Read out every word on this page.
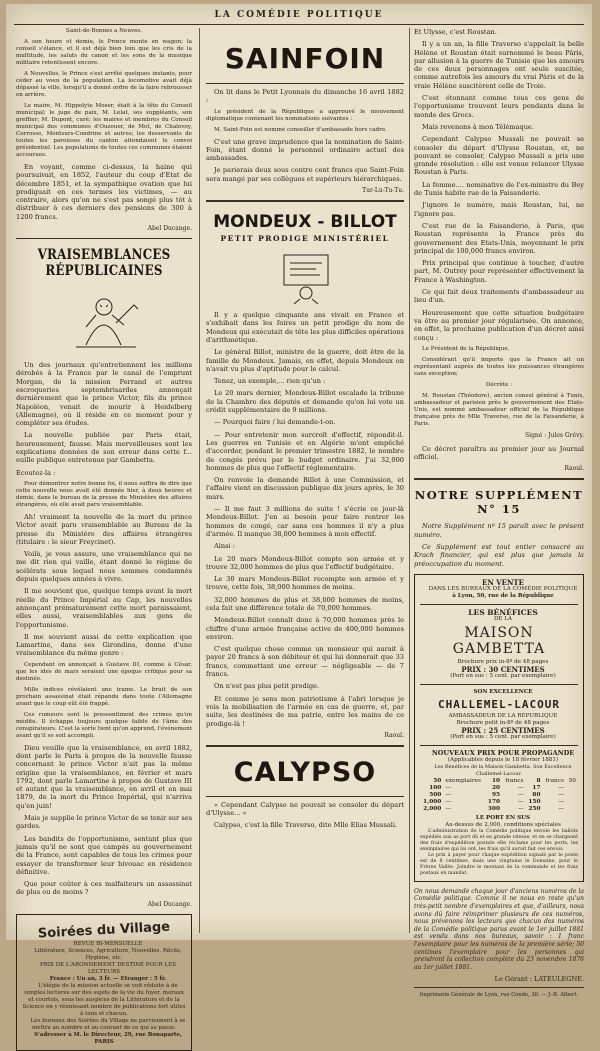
LA COMÉDIE POLITIQUE

Saint-de-Bonnes a Neuves.

A son heure et demie, le Prince monte en wagon; la conseil s'élance, et il est déjà bien loin que les cris de la multitude, les saluts du canon et les sons de la musique militaire retentissent encore.

A Nouvelles, le Prince s'est arrêté quelques instants, pour céder au voeu de la population. La locomotive avait déjà dépassé la ville, lorsqu'il a donné ordre de la faire rebrousser en arrière.

Le maire, M. Hippolyte Moser, était à la tête du Conseil municipal; le juge de paix, M. Lelat, ses suppléants, son greffier; M. Dupont, curé; les maires et membres du Conseil municipal des communes d'Ouzouer, de Mot, de Chalevoy, Corrosse, Montsurs-Condrine et autres; les desservants de toutes les paroisses du canton attendaient le convoi présidentiel. Les populations de toutes ces communes étaient accourues.

En voyant, comme ci-dessus, la haine qui poursuivait, en 1852, l'auteur du coup d'Etat de décembre 1851, et la sympathique ovation que lui prodiguait en ces termes les victimes, — au contraire, alors qu'on ne s'est pas songé plus tôt à distribuer à ces derniers des pensions de 300 à 1200 francs.

Abel Ducange.
VRAISEMBLANCES RÉPUBLICAINES

Un des journaux qu'entretiennent les millions dérobés à la France par le canal de l'emprunt Morgan, de la mission Ferrand et autres escroqueries septembrisardes annonçait dernièrement que le prince Victor, fils du prince Napoléon, venait de mourir à Heidelberg (Allemagne), où il réside en ce moment pour y compléter ses études.

La nouvelle publiée par Paris était, heureusement, fausse. Mais merveilleuses sont les explications données de son erreur dans cette f... euille publique entretenue par Gambetta.

Ecoutez-la :

Pour démontrer notre bonne foi, il nous suffira de dire que cette nouvelle nous avait été donnée hier, à deux heures et demie, dans le bureau de la presse du Ministère des affaires étrangères, où elle avait paru vraisemblable.

Ah! vraiment la nouvelle de la mort du prince Victor avait paru vraisemblable au Bureau de la presse du Ministère des affaires étrangères (titulaire : le sieur Freycinet).

Voilà, je vous assure, une vraisemblance qui ne me dit rien qui vaille, étant donné le régime de scélérats sous lequel nous sommes condamnés depuis quelques années à vivre.

Il me souvient que, quelque temps avant la mort réelle du Prince Impérial au Cap, les nouvelles annonçant prématurément cette mort paraissaient, elles aussi, vraisemblables aux gens de l'opportunisme.

Il me souvient aussi de cette explication que Lamartine, dans ses Girondins, donne d'une vraisemblance du même genre :

Cependant on annonçait à Gustave III, comme à César, que les ides de mars seraient une époque critique pour sa destinée.

Mille indices révélaient une trame. Le bruit de son prochain assassinat était répandu dans toute l'Allemagne avant que le coup eût été frappé.

Ces rumeurs sont le pressentiment des crimes qu'on médite. Il échappe toujours quelque faible de l'âme des conspirateurs. C'est la sorte tient qu'on apprend, l'événement avant qu'il se soit accompli.

Dieu veuille que la vraisemblance, en avril 1882, dont parle le Paris à propos de la nouvelle fausse concernant le prince Victor n'ait pas la même origine que la vraisemblance, en février et mars 1792, dont parle Lamartine à propos de Gustave III et autant que la vraisemblance, en avril et en mai 1879, de la mort du Prince Impérial, qui n'arriva qu'en juin!

Mais je supplie le prince Victor de se tenir sur ses gardes.

Les bandits de l'opportunisme, sentant plus que jamais qu'il ne sont que campés au gouvernement de la France, sont capables de tous les crimes pour essayer de transformer leur bivouac en résidence définitive.

Que pour coûter à ces malfaiteurs un assassinat de plus ou de moins ?

Abel Ducange.
Soirées du Village

REVUE BI-MENSUELLE

Littérature, Sciences, Agriculture, Nouvelles, Récits, Hygiène, etc.

PRIX DE L'ABONNEMENT DESTINÉ POUR LES LECTEURS

France : Un an, 3 fr. — Etranger : 5 fr.

L'élégie de la mission actuelle se voit réduite à de simples lectures sur des sujets de la vie du foyer, moraux et courtois, sous les auspices de la Littérature et de la Science en y réunissant nombre de publications fort utiles à tous et chacun.

Les bureaux des Soirées du Village ne parviennent à se mettre au nombre et au courant de ce qui se passe.

S'adresser à M. le Directeur, 29, rue Bonaparte, PARIS

SAINFOIN

On lit dans le Petit Lyonnais du dimanche 16 avril 1882 :

Le président de la République a approuvé le mouvement diplomatique contenant les nominations suivantes :

M. Saint-Foin est nommé conseiller d'ambassade hors cadre.

C'est une grave imprudence que la nomination de Saint-Foin, étant donné le personnel ordinaire actuel des ambassades.

Je parierais deux sous contre cent francs que Saint-Foin sera mangé par ses collègues et supérieurs hiérarchiques.

Tur-Lu-Tu-Tu.
MONDEUX - BILLOT
PETIT PRODIGE MINISTÉRIEL

Il y a quelque cinquante ans vivait en France et s'exhibait dans les foires un petit prodige du nom de Mondeux qui exécutait de tête les plus difficiles opérations d'arithmétique.

Le général Billot, ministre de la guerre, doit être de la famille de Mondeux. Jamais, en effet, depuis Mondeux on n'avait vu plus d'aptitude pour le calcul.

Tenez, un exemple,... rien qu'un :

Le 20 mars dernier, Mondeux-Billot escalade la tribune de la Chambre des députés et demande qu'on lui vote un crédit supplémentaire de 9 millions.

— Pourquoi faire / lui demande-t-on.

— Pour entretenir mon surcroît d'effectif, répondit-il. Les guerres en Tunisie et en Algérie m'ont empêché d'accorder, pendant le premier trimestre 1882, le nombre de congés prévu par le budget ordinaire. J'ai 32,000 hommes de plus que l'effectif réglementaire.

On renvoie la demande Billot à une Commission, et l'affaire vient en discussion publique dix jours après, le 30 mars.

— Il me faut 3 millions de suite ! s'écrie ce jour-là Mondeux-Billot. J'en ai besoin pour faire rentrer les hommes de congé, car sans ces hommes il n'y a plus d'armée. Il manque 38,000 hommes à mon effectif.

Ainsi :

Le 20 mars Mondeux-Billot compte son armée et y trouve 32,000 hommes de plus que l'effectif budgétaire.

Le 30 mars Mondeux-Billot recompte son armée et y trouve, cette fois, 38,000 hommes de moins.

32,000 hommes de plus et 38,000 hommes de moins, cela fait une différence totale de 70,000 hommes.

Mondeux-Billot connaît donc à 70,000 hommes près le chiffre d'une armée française active de 400,000 hommes environ.

C'est quelque chose comme un monsieur qui aurait à payer 20 francs à son débiteur et qui lui donnerait que 33 francs, commettant une erreur — négligeable — de 7 francs.

On n'est pas plus petit prodige.

Et comme je sens mon patriotisme à l'abri lorsque je vois la mobilisation de l'armée en cas de guerre, et, par suite, les destinées de ma patrie, entre les mains de ce prodige-là !

Raoul.
CALYPSO

« Cependant Calypso ne pouvait se consoler du départ d'Ulysse... »

Calypso, c'est la fille Traverso, dite Mlle Elias Mussali.

Et Ulysse, c'est Roustan.

Il y a un an, la fille Traverso s'appelait la belle Hélène et Roustan était surnommé le beau Pâris, par allusion à la guerre de Tunisie que les amours de ces deux personnages ont seule suscitée, comme autrefois les amours du vrai Pâris et de la vraie Hélène suscitèrent celle de Troie.

C'est étonnant comme tous ces gens de l'opportunisme trouvent leurs pendants dans le monde des Grecs.

Mais revenons à mon Télémaque.

Cependant Calypso Mussali ne pouvait se consoler du départ d'Ulysse Roustan, et, ne pouvant se consoler, Calypso Mussali a pris une grande résolution : elle est venue relancer Ulysse Roustan à Paris.

La femme.... nominative de l'ex-ministre du Bey de Tunis habite rue de la Faisanderie.

J'ignore le numéro, mais Roustan, lui, ne l'ignore pas.

C'est rue de la Faisanderie, à Paris, que Roustan représente la France près du gouvernement des Etats-Unis, moyennant le prix principal de 100,000 francs environ.

Prix principal que continue à toucher, d'autre part, M. Outrey pour représenter effectivement la France à Washington.

Ce qui fait deux traitements d'ambassadeur au lieu d'un.

Heureusement que cette situation budgétaire va être au premier jour régularisée. On annonce, en effet, la prochaine publication d'un décret ainsi conçu :

Le Président de la République,

Considérant qu'il importe que la France ait un représentant auprès de toutes les puissances étrangères sans exception;

Décrète :

M. Roustan (Théodore), ancien consul général à Tunis, ambassadeur et parisien près le gouvernement des Etats-Unis, est nommé ambassadeur officiel de la République française près de Mlle Traverso, rue de la Faisanderie, à Paris.

Signé : Jules Grévy.

Ce décret paraîtra au premier jour au Journal officiel.

Raoul.
NOTRE SUPPLÉMENT N° 15

Notre Supplément nº 15 paraît avec le présent numéro.

Ce Supplément est tout entier consacré au Krach financier, qui est plus que jamais la préoccupation du moment.

EN VENTE

DANS LES BUREAUX DE LA COMÉDIE POLITIQUE

à Lyon, 50, rue de la République

LES BÉNÉFICES

DE LA

MAISON GAMBETTA

Brochure prix in-8º de 48 pages

PRIX : 30 CENTIMES

(Port en sus : 5 cent. par exemplaire)

SON EXCELLENCE

CHALLEMEL-LACOUR

AMBASSADEUR DE LA RÉPUBLIQUE

Brochure petit in-8º de 48 pages

PRIX : 25 CENTIMES

(Port en sus : 5 cent. par exemplaire)

NOUVEAUX PRIX POUR PROPAGANDE

(Applicables depuis le 18 février 1881)

Les Bénéfices de la Maison Gambetta. Son Excellence Challemel-Lacour.

50	exemplaires	10	francs	8	francs	50
100	—	20	—	17	—	
500	—	95	—	80	—	
1,000	—	170	—	150	—	
2,000	—	300	—	250	—	

LE PORT EN SUS

Au-dessus de 2,000, conditions spéciales

L'administration de la Comédie politique envoie les ballots expédiés aux as port dû et en grande vitesse, et en se chargeant des frais d'expédition postale elle réclame pour les ports, les exemplaires qui lui ont, les frais qu'il aurait fait ces envois.

Le prix à payer pour chaque expédition signalé par le poste est de 8 centimes, mais une vingtaine le Domaine, pour le Frères Vallée. Joindre le montant de la commande et les frais postaux en mandat.

On nous demande chaque jour d'anciens numéros de la Comédie politique. Comme il ne nous en reste qu'un très-petit nombre d'exemplaires et que, d'ailleurs, nous avons dû faire réimprimer plusieurs de ces numéros, nous prévenons les lecteurs que chacun des numéros de la Comédie politique parus avant le 1er juillet 1881 est vendu dans nos bureaux, savoir : 1 franc l'exemplaire pour les numéros de la première série; 50 centimes l'exemplaire pour les personnes qui prendront la collection complète du 23 novembre 1876 au 1er juillet 1881.
Le Gérant : LATEULEGNE.
Imprimerie Générale de Lyon, rue Condé, 30. — J.-B. Albert.
